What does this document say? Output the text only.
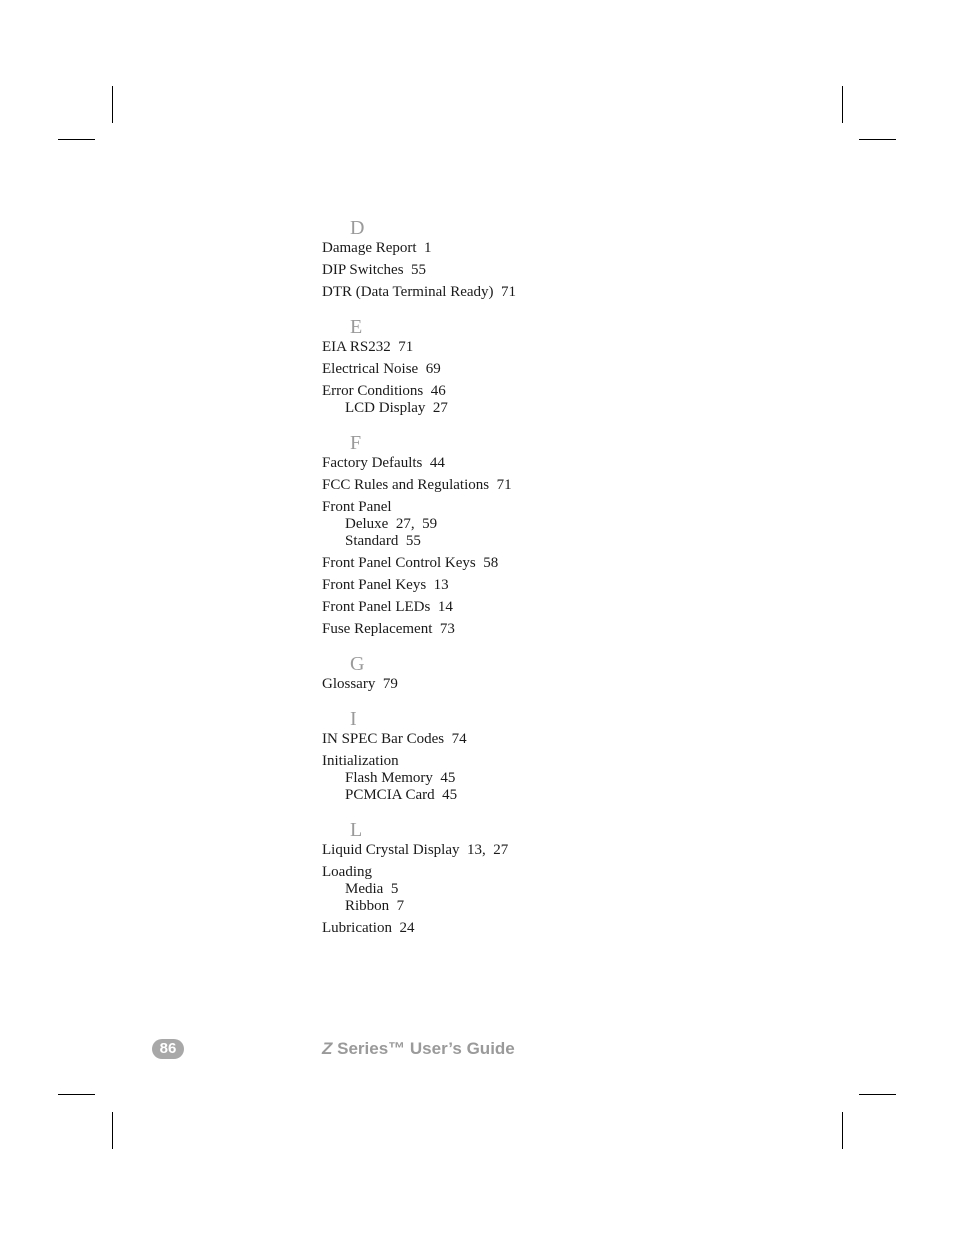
D
Damage Report  1
DIP Switches  55
DTR (Data Terminal Ready)  71
E
EIA RS232  71
Electrical Noise  69
Error Conditions  46
LCD Display  27
F
Factory Defaults  44
FCC Rules and Regulations  71
Front Panel
Deluxe  27,  59
Standard  55
Front Panel Control Keys  58
Front Panel Keys  13
Front Panel LEDs  14
Fuse Replacement  73
G
Glossary  79
I
IN SPEC Bar Codes  74
Initialization
Flash Memory  45
PCMCIA Card  45
L
Liquid Crystal Display  13,  27
Loading
Media  5
Ribbon  7
Lubrication  24
86	Z Series™ User’s Guide
